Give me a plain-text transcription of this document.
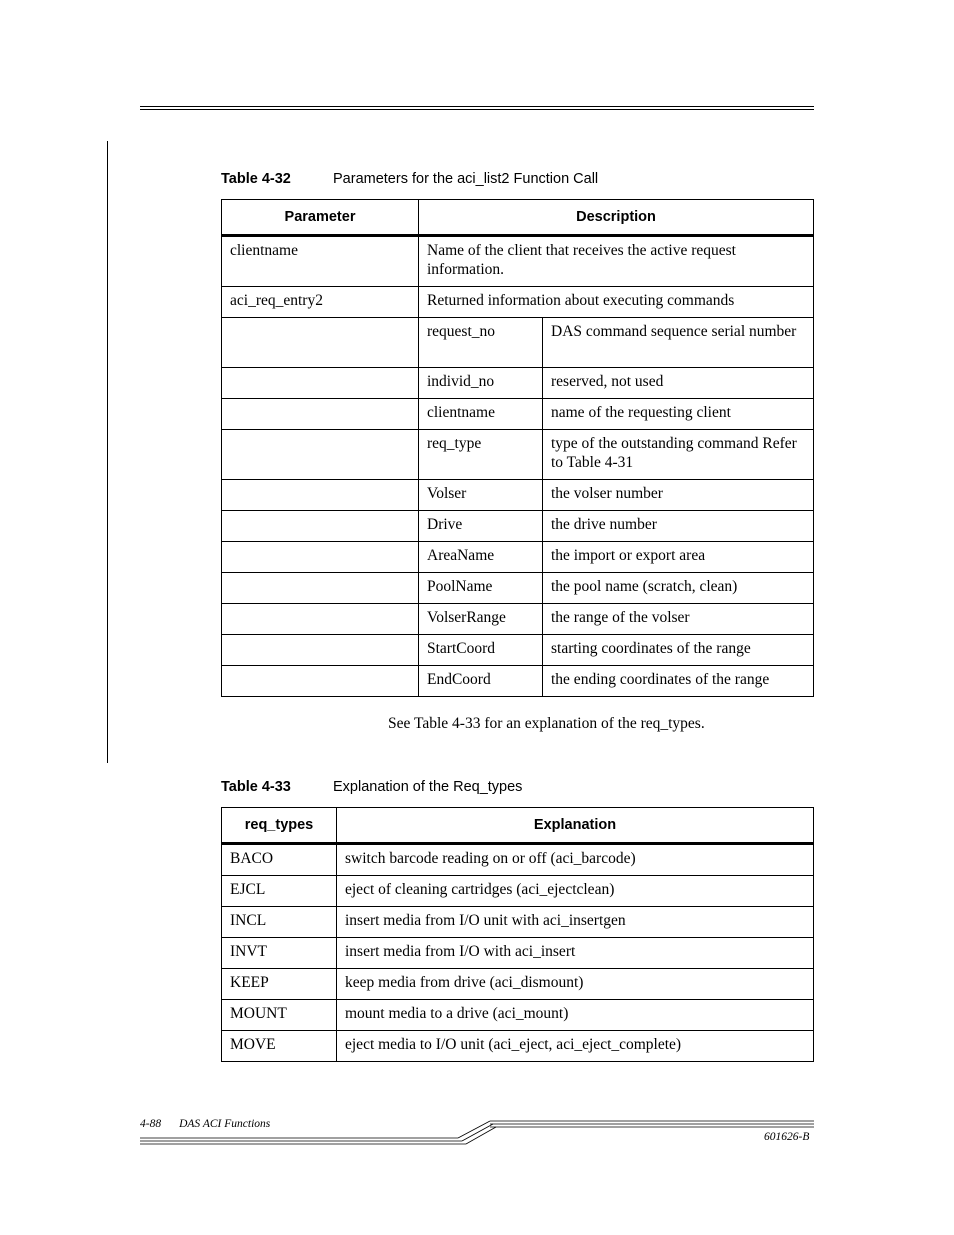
Table 4-32	Parameters for the aci_list2 Function Call
Parameter	Description	
clientname	Name of the client that receives the active request information.	
aci_req_entry2	Returned information about executing commands	
	request_no	DAS command sequence serial number
	individ_no	reserved, not used
	clientname	name of the requesting client
	req_type	type of the outstanding command Refer to Table 4-31
	Volser	the volser number
	Drive	the drive number
	AreaName	the import or export area
	PoolName	the pool name (scratch, clean)
	VolserRange	the range of the volser
	StartCoord	starting coordinates of the range
	EndCoord	the ending coordinates of the range
See Table 4-33 for an explanation of the req_types.
Table 4-33	Explanation of the Req_types
req_types	Explanation
BACO	switch barcode reading on or off (aci_barcode)
EJCL	eject of cleaning cartridges (aci_ejectclean)
INCL	insert media from I/O unit with aci_insertgen
INVT	insert media from I/O with aci_insert
KEEP	keep media from drive (aci_dismount)
MOUNT	mount media to a drive (aci_mount)
MOVE	eject media to I/O unit (aci_eject, aci_eject_complete)
4-88 DAS ACI Functions
601626-B
